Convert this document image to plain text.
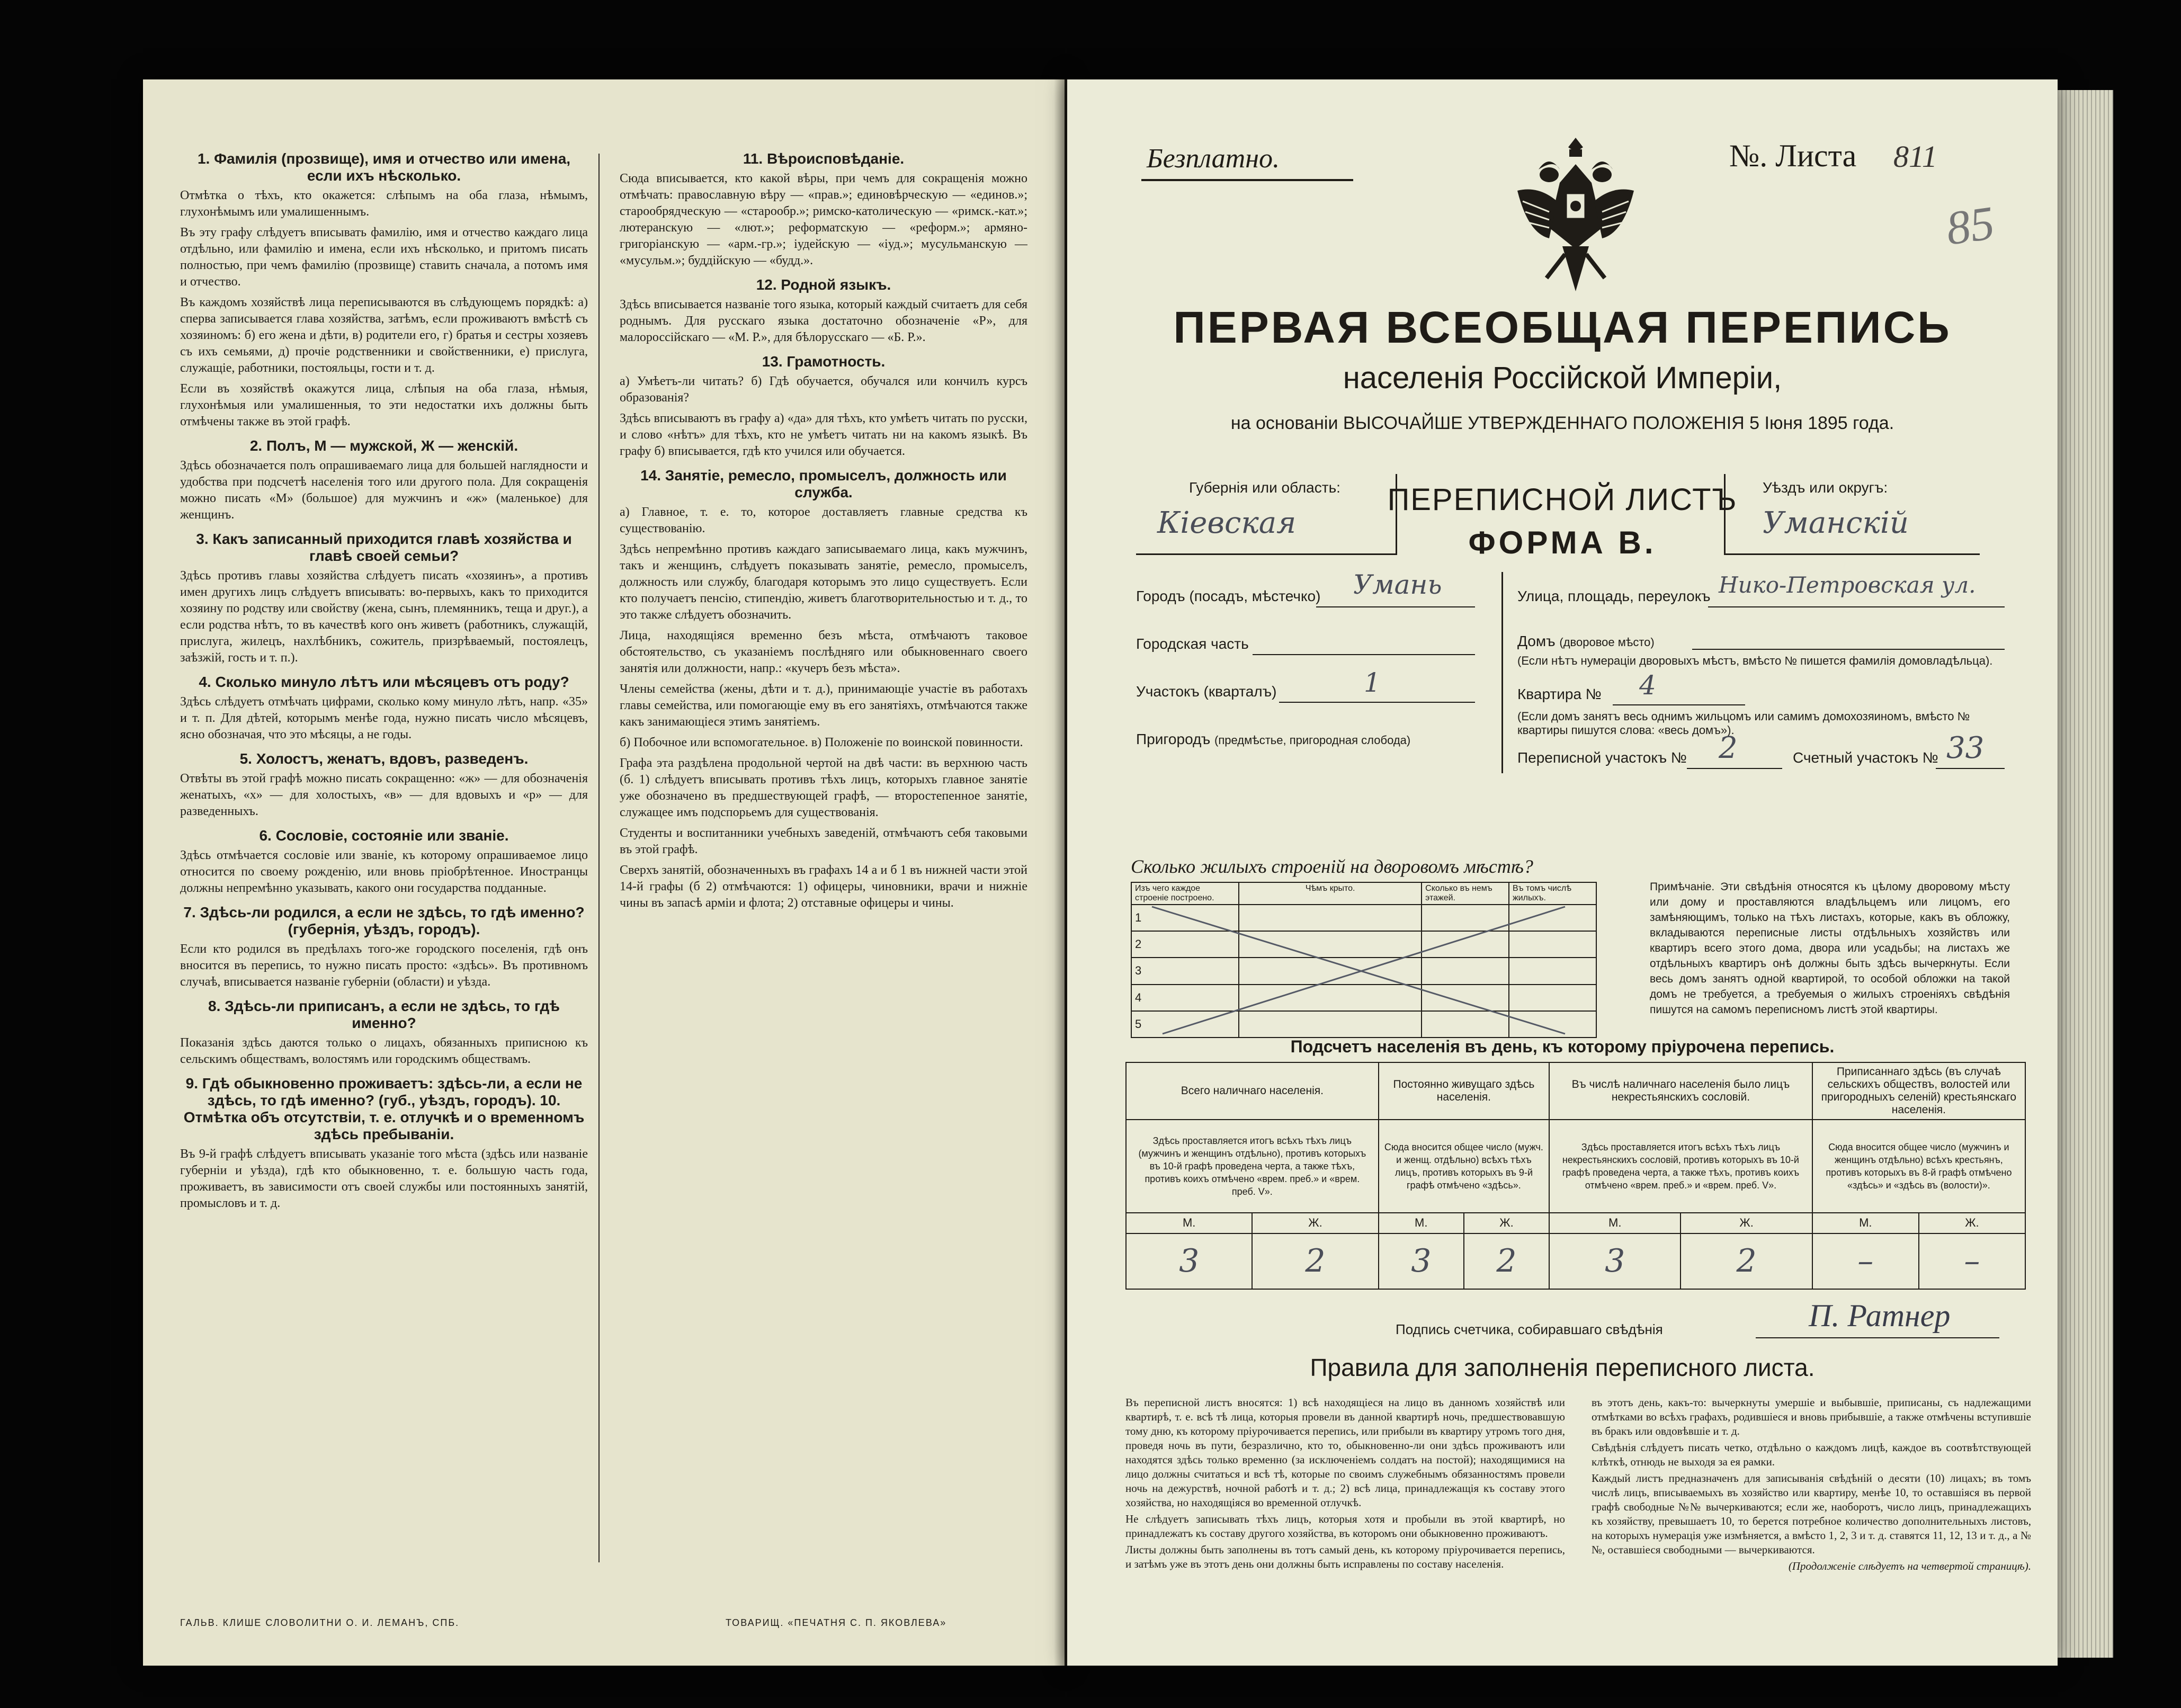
1. Фамилія (прозвище), имя и отчество или имена, если ихъ нѣсколько.

Отмѣтка о тѣхъ, кто окажется: слѣпымъ на оба глаза, нѣмымъ, глухонѣмымъ или умалишеннымъ.

Въ эту графу слѣдуетъ вписывать фамилію, имя и отчество каждаго лица отдѣльно, или фамилію и имена, если ихъ нѣсколько, и притомъ писать полностью, при чемъ фамилію (прозвище) ставить сначала, а потомъ имя и отчество.

Въ каждомъ хозяйствѣ лица переписываются въ слѣдующемъ порядкѣ: а) сперва записывается глава хозяйства, затѣмъ, если проживаютъ вмѣстѣ съ хозяиномъ: б) его жена и дѣти, в) родители его, г) братья и сестры хозяевъ съ ихъ семьями, д) прочіе родственники и свойственники, е) прислуга, служащіе, работники, постояльцы, гости и т. д.

Если въ хозяйствѣ окажутся лица, слѣпыя на оба глаза, нѣмыя, глухонѣмыя или умалишенныя, то эти недостатки ихъ должны быть отмѣчены также въ этой графѣ.

2. Полъ, М — мужской, Ж — женскій.

Здѣсь обозначается полъ опрашиваемаго лица для большей наглядности и удобства при подсчетѣ населенія того или другого пола. Для сокращенія можно писать «М» (большое) для мужчинъ и «ж» (маленькое) для женщинъ.

3. Какъ записанный приходится главѣ хозяйства и главѣ своей семьи?

Здѣсь противъ главы хозяйства слѣдуетъ писать «хозяинъ», а противъ имен другихъ лицъ слѣдуетъ вписывать: во-первыхъ, какъ то приходится хозяину по родству или свойству (жена, сынъ, племянникъ, теща и друг.), а если родства нѣтъ, то въ качествѣ кого онъ живетъ (работникъ, служащій, прислуга, жилецъ, нахлѣбникъ, сожитель, призрѣваемый, постоялецъ, заѣзжій, гость и т. п.).

4. Сколько минуло лѣтъ или мѣсяцевъ отъ роду?

Здѣсь слѣдуетъ отмѣчать цифрами, сколько кому минуло лѣтъ, напр. «35» и т. п. Для дѣтей, которымъ менѣе года, нужно писать число мѣсяцевъ, ясно обозначая, что это мѣсяцы, а не годы.

5. Холостъ, женатъ, вдовъ, разведенъ.

Отвѣты въ этой графѣ можно писать сокращенно: «ж» — для обозначенія женатыхъ, «х» — для холостыхъ, «в» — для вдовыхъ и «р» — для разведенныхъ.

6. Сословіе, состояніе или званіе.

Здѣсь отмѣчается сословіе или званіе, къ которому опрашиваемое лицо относится по своему рожденію, или вновь пріобрѣтенное. Иностранцы должны непремѣнно указывать, какого они государства подданные.

7. Здѣсь-ли родился, а если не здѣсь, то гдѣ именно? (губернія, уѣздъ, городъ).

Если кто родился въ предѣлахъ того-же городского поселенія, гдѣ онъ вносится въ перепись, то нужно писать просто: «здѣсь». Въ противномъ случаѣ, вписывается названіе губерніи (области) и уѣзда.

8. Здѣсь-ли приписанъ, а если не здѣсь, то гдѣ именно?

Показанія здѣсь даются только о лицахъ, обязанныхъ приписною къ сельскимъ обществамъ, волостямъ или городскимъ обществамъ.

9. Гдѣ обыкновенно проживаетъ: здѣсь-ли, а если не здѣсь, то гдѣ именно? (губ., уѣздъ, городъ). 10. Отмѣтка объ отсутствіи, т. е. отлучкѣ и о временномъ здѣсь пребываніи.

Въ 9-й графѣ слѣдуетъ вписывать указаніе того мѣста (здѣсь или названіе губерніи и уѣзда), гдѣ кто обыкновенно, т. е. большую часть года, проживаетъ, въ зависимости отъ своей службы или постоянныхъ занятій, промысловъ и т. д.

11. Вѣроисповѣданіе.

Сюда вписывается, кто какой вѣры, при чемъ для сокращенія можно отмѣчать: православную вѣру — «прав.»; единовѣрческую — «единов.»; старообрядческую — «старообр.»; римско-католическую — «римск.-кат.»; лютеранскую — «лют.»; реформатскую — «реформ.»; армяно-григоріанскую — «арм.-гр.»; іудейскую — «іуд.»; мусульманскую — «мусульм.»; буддійскую — «будд.».

12. Родной языкъ.

Здѣсь вписывается названіе того языка, который каждый считаетъ для себя роднымъ. Для русскаго языка достаточно обозначеніе «Р», для малороссійскаго — «М. Р.», для бѣлорусскаго — «Б. Р.».

13. Грамотность.

а) Умѣетъ-ли читать? б) Гдѣ обучается, обучался или кончилъ курсъ образованія?

Здѣсь вписываютъ въ графу а) «да» для тѣхъ, кто умѣетъ читать по русски, и слово «нѣтъ» для тѣхъ, кто не умѣетъ читать ни на какомъ языкѣ. Въ графу б) вписывается, гдѣ кто учился или обучается.

14. Занятіе, ремесло, промыселъ, должность или служба.

а) Главное, т. е. то, которое доставляетъ главные средства къ существованію.

Здѣсь непремѣнно противъ каждаго записываемаго лица, какъ мужчинъ, такъ и женщинъ, слѣдуетъ показывать занятіе, ремесло, промыселъ, должность или службу, благодаря которымъ это лицо существуетъ. Если кто получаетъ пенсію, стипендію, живетъ благотворительностью и т. д., то это также слѣдуетъ обозначить.

Лица, находящіяся временно безъ мѣста, отмѣчаютъ таковое обстоятельство, съ указаніемъ послѣдняго или обыкновеннаго своего занятія или должности, напр.: «кучеръ безъ мѣста».

Члены семейства (жены, дѣти и т. д.), принимающіе участіе въ работахъ главы семейства, или помогающіе ему въ его занятіяхъ, отмѣчаются также какъ занимающіеся этимъ занятіемъ.

б) Побочное или вспомогательное. в) Положеніе по воинской повинности.

Графа эта раздѣлена продольной чертой на двѣ части: въ верхнюю часть (б. 1) слѣдуетъ вписывать противъ тѣхъ лицъ, которыхъ главное занятіе уже обозначено въ предшествующей графѣ, — второстепенное занятіе, служащее имъ подспорьемъ для существованія.

Студенты и воспитанники учебныхъ заведеній, отмѣчаютъ себя таковыми въ этой графѣ.

Сверхъ занятій, обозначенныхъ въ графахъ 14 а и б 1 въ нижней части этой 14-й графы (б 2) отмѣчаются: 1) офицеры, чиновники, врачи и нижніе чины въ запасѣ арміи и флота; 2) отставные офицеры и чины.

ГАЛЬВ. КЛИШЕ СЛОВОЛИТНИ О. И. ЛЕМАНЪ, СПБ.	ТОВАРИЩ. «ПЕЧАТНЯ С. П. ЯКОВЛЕВА»
Безплатно.	№. Листа 811
85
ПЕРВАЯ ВСЕОБЩАЯ ПЕРЕПИСЬ
населенія Россійской Имперіи,
на основаніи ВЫСОЧАЙШЕ УТВЕРЖДЕННАГО ПОЛОЖЕНІЯ 5 Іюня 1895 года.
Губернія или область:
Кіевская
ПЕРЕПИСНОЙ ЛИСТЪ
ФОРМА В.
Уѣздъ или округъ:
Уманскій
Городъ (посадъ, мѣстечко) Умань
Городская часть
Участокъ (кварталъ)	1
Пригородъ (предмѣстье, пригородная слобода)
Улица, площадь, переулокъ Нико-Петровская ул.
Домъ (дворовое мѣсто)
(Если нѣтъ нумераціи дворовыхъ мѣстъ, вмѣсто № пишется фамилія домовладѣльца).
Квартира № 4
(Если домъ занятъ весь однимъ жильцомъ или самимъ домохозяиномъ, вмѣсто № квартиры пишутся слова: «весь домъ»).
Переписной участокъ № 2	Счетный участокъ № 33
Сколько жилыхъ строеній на дворовомъ мѣстѣ?
Изъ чего каждое строеніе построено.	Чѣмъ крыто.	Сколько въ немъ этажей.	Въ томъ числѣ жилыхъ.
1			
2			
3			
4			
5			
Примѣчаніе. Эти свѣдѣнія относятся къ цѣлому дворовому мѣсту или дому и проставляются владѣльцемъ или лицомъ, его замѣняющимъ, только на тѣхъ листахъ, которые, какъ въ обложку, вкладываются переписные листы отдѣльныхъ хозяйствъ или квартиръ всего этого дома, двора или усадьбы; на листахъ же отдѣльныхъ квартиръ онѣ должны быть здѣсь вычеркнуты. Если весь домъ занятъ одной квартирой, то особой обложки на такой домъ не требуется, а требуемыя о жилыхъ строеніяхъ свѣдѣнія пишутся на самомъ переписномъ листѣ этой квартиры.
Подсчетъ населенія въ день, къ которому пріурочена перепись.
Всего наличнаго населенія.		Постоянно живущаго здѣсь населенія.		Въ числѣ наличнаго населенія было лицъ некрестьянскихъ сословій.		Приписаннаго здѣсь (въ случаѣ сельскихъ обществъ, волостей или пригородныхъ селеній) крестьянскаго населенія.	
Здѣсь проставляется итогъ всѣхъ тѣхъ лицъ (мужчинъ и женщинъ отдѣльно), противъ которыхъ въ 10-й графѣ проведена черта, а также тѣхъ, противъ коихъ отмѣчено «врем. преб.» и «врем. преб. V».		Сюда вносится общее число (мужч. и женщ. отдѣльно) всѣхъ тѣхъ лицъ, противъ которыхъ въ 9-й графѣ отмѣчено «здѣсь».		Здѣсь проставляется итогъ всѣхъ тѣхъ лицъ некрестьянскихъ сословій, противъ которыхъ въ 10-й графѣ проведена черта, а также тѣхъ, противъ коихъ отмѣчено «врем. преб.» и «врем. преб. V».		Сюда вносится общее число (мужчинъ и женщинъ отдѣльно) всѣхъ крестьянъ, противъ которыхъ въ 8-й графѣ отмѣчено «здѣсь» и «здѣсь въ (волости)».	
М.	Ж.	М.	Ж.	М.	Ж.	М.	Ж.
3	2	3	2	3	2	–	–
Подпись счетчика, собиравшаго свѣдѣнія	П. Ратнер
Правила для заполненія переписного листа.

Въ переписной листъ вносятся: 1) всѣ находящіеся на лицо въ данномъ хозяйствѣ или квартирѣ, т. е. всѣ тѣ лица, которыя провели въ данной квартирѣ ночь, предшествовавшую тому дню, къ которому пріурочивается перепись, или прибыли въ квартиру утромъ того дня, проведя ночь въ пути, безразлично, кто то, обыкновенно-ли они здѣсь проживаютъ или находятся здѣсь только временно (за исключеніемъ солдатъ на постой); находящимися на лицо должны считаться и всѣ тѣ, которые по своимъ служебнымъ обязанностямъ провели ночь на дежурствѣ, ночной работѣ и т. д.; 2) всѣ лица, принадлежащія къ составу этого хозяйства, но находящіяся во временной отлучкѣ.

Не слѣдуетъ записывать тѣхъ лицъ, которыя хотя и пробыли въ этой квартирѣ, но принадлежатъ къ составу другого хозяйства, въ которомъ они обыкновенно проживаютъ.

Листы должны быть заполнены въ тотъ самый день, къ которому пріурочивается перепись, и затѣмъ уже въ этотъ день они должны быть исправлены по составу населенія.

въ этотъ день, какъ-то: вычеркнуты умершіе и выбывшіе, приписаны, съ надлежащими отмѣтками во всѣхъ графахъ, родившіеся и вновь прибывшіе, а также отмѣчены вступившіе въ бракъ или овдовѣвшіе и т. д.

Свѣдѣнія слѣдуетъ писать четко, отдѣльно о каждомъ лицѣ, каждое въ соотвѣтствующей клѣткѣ, отнюдь не выходя за ея рамки.

Каждый листъ предназначенъ для записыванія свѣдѣній о десяти (10) лицахъ; въ томъ числѣ лицъ, вписываемыхъ въ хозяйство или квартиру, менѣе 10, то оставшіяся въ первой графѣ свободные №№ вычеркиваются; если же, наоборотъ, число лицъ, принадлежащихъ къ хозяйству, превышаетъ 10, то берется потребное количество дополнительныхъ листовъ, на которыхъ нумерація уже измѣняется, а вмѣсто 1, 2, 3 и т. д. ставятся 11, 12, 13 и т. д., а №№, оставшіеся свободными — вычеркиваются.

(Продолженіе слѣдуетъ на четвертой страницѣ).
